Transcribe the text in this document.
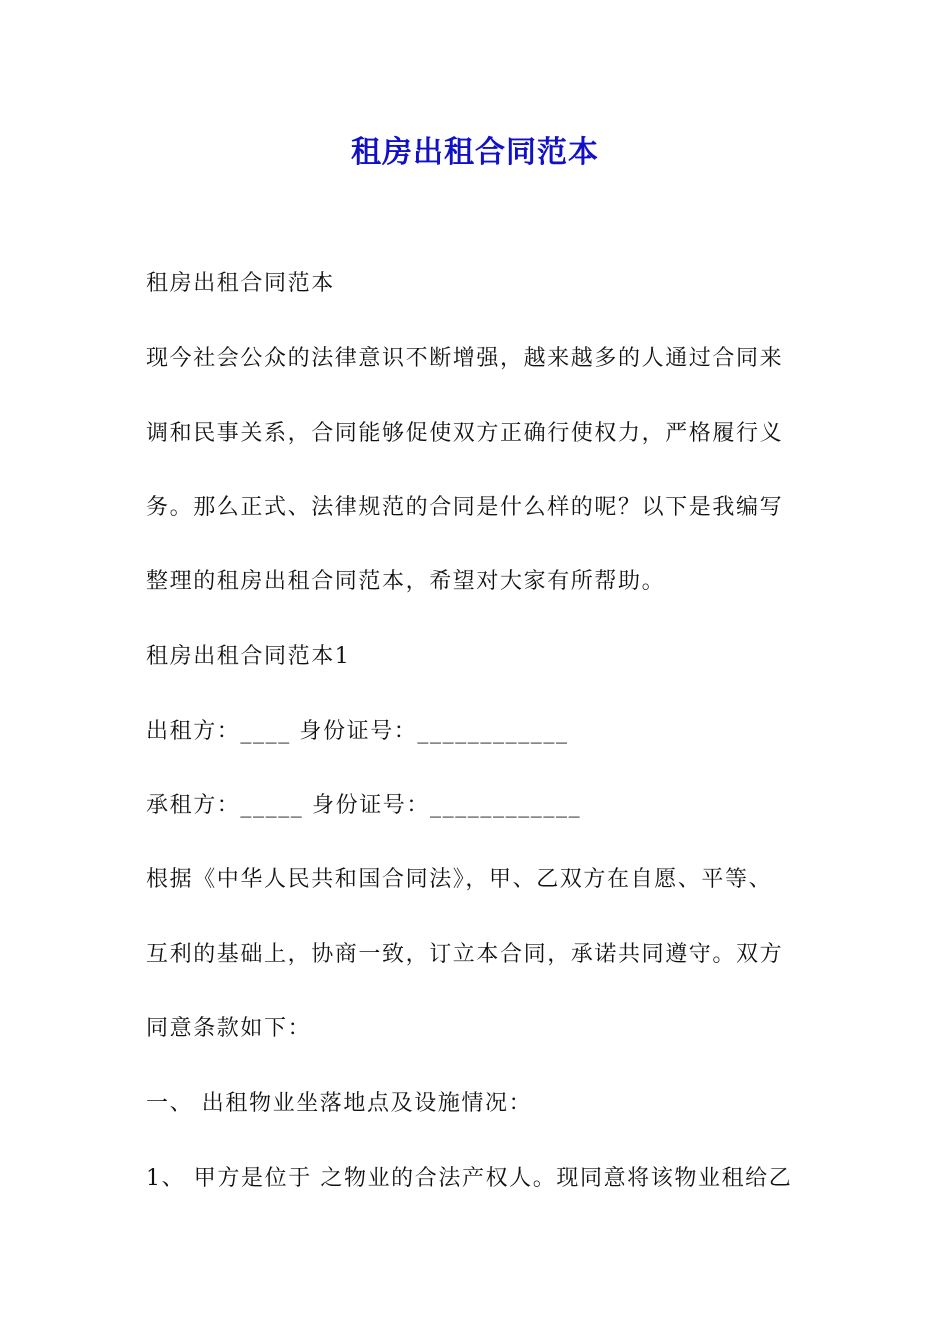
租房出租合同范本
租房出租合同范本
现今社会公众的法律意识不断增强，越来越多的人通过合同来
调和民事关系，合同能够促使双方正确行使权力，严格履行义
务。那么正式、法律规范的合同是什么样的呢？以下是我编写
整理的租房出租合同范本，希望对大家有所帮助。
租房出租合同范本1
出租方：____ 身份证号：____________
承租方：_____ 身份证号：____________
根据《中华人民共和国合同法》，甲、乙双方在自愿、平等、
互利的基础上，协商一致，订立本合同，承诺共同遵守。双方
同意条款如下：
一、 出租物业坐落地点及设施情况：
1、 甲方是位于 之物业的合法产权人。现同意将该物业租给乙
